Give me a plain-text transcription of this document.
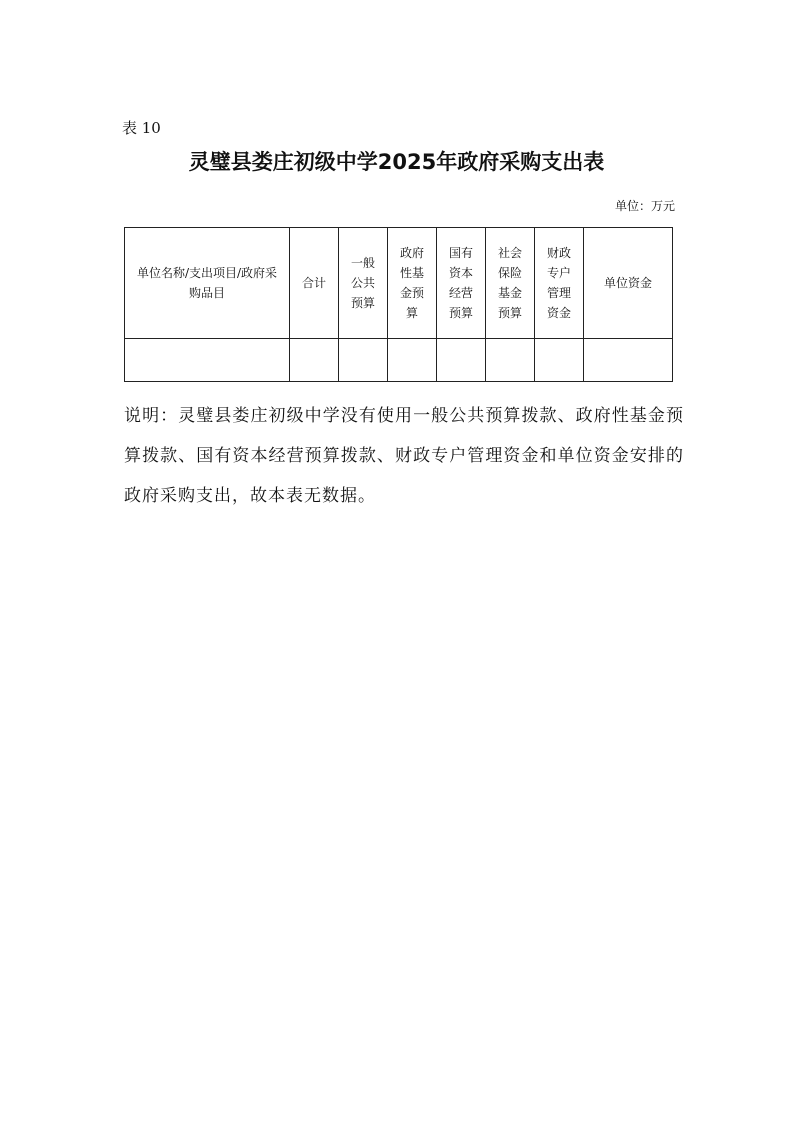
表 10
灵璧县娄庄初级中学2025年政府采购支出表
单位：万元
单位名称/支出项目/政府采购品目	合计	一般公共预算	政府性基金预算	国有资本经营预算	社会保险基金预算	财政专户管理资金	单位资金

说明：灵璧县娄庄初级中学没有使用一般公共预算拨款、政府性基金预算拨款、国有资本经营预算拨款、财政专户管理资金和单位资金安排的政府采购支出，故本表无数据。
